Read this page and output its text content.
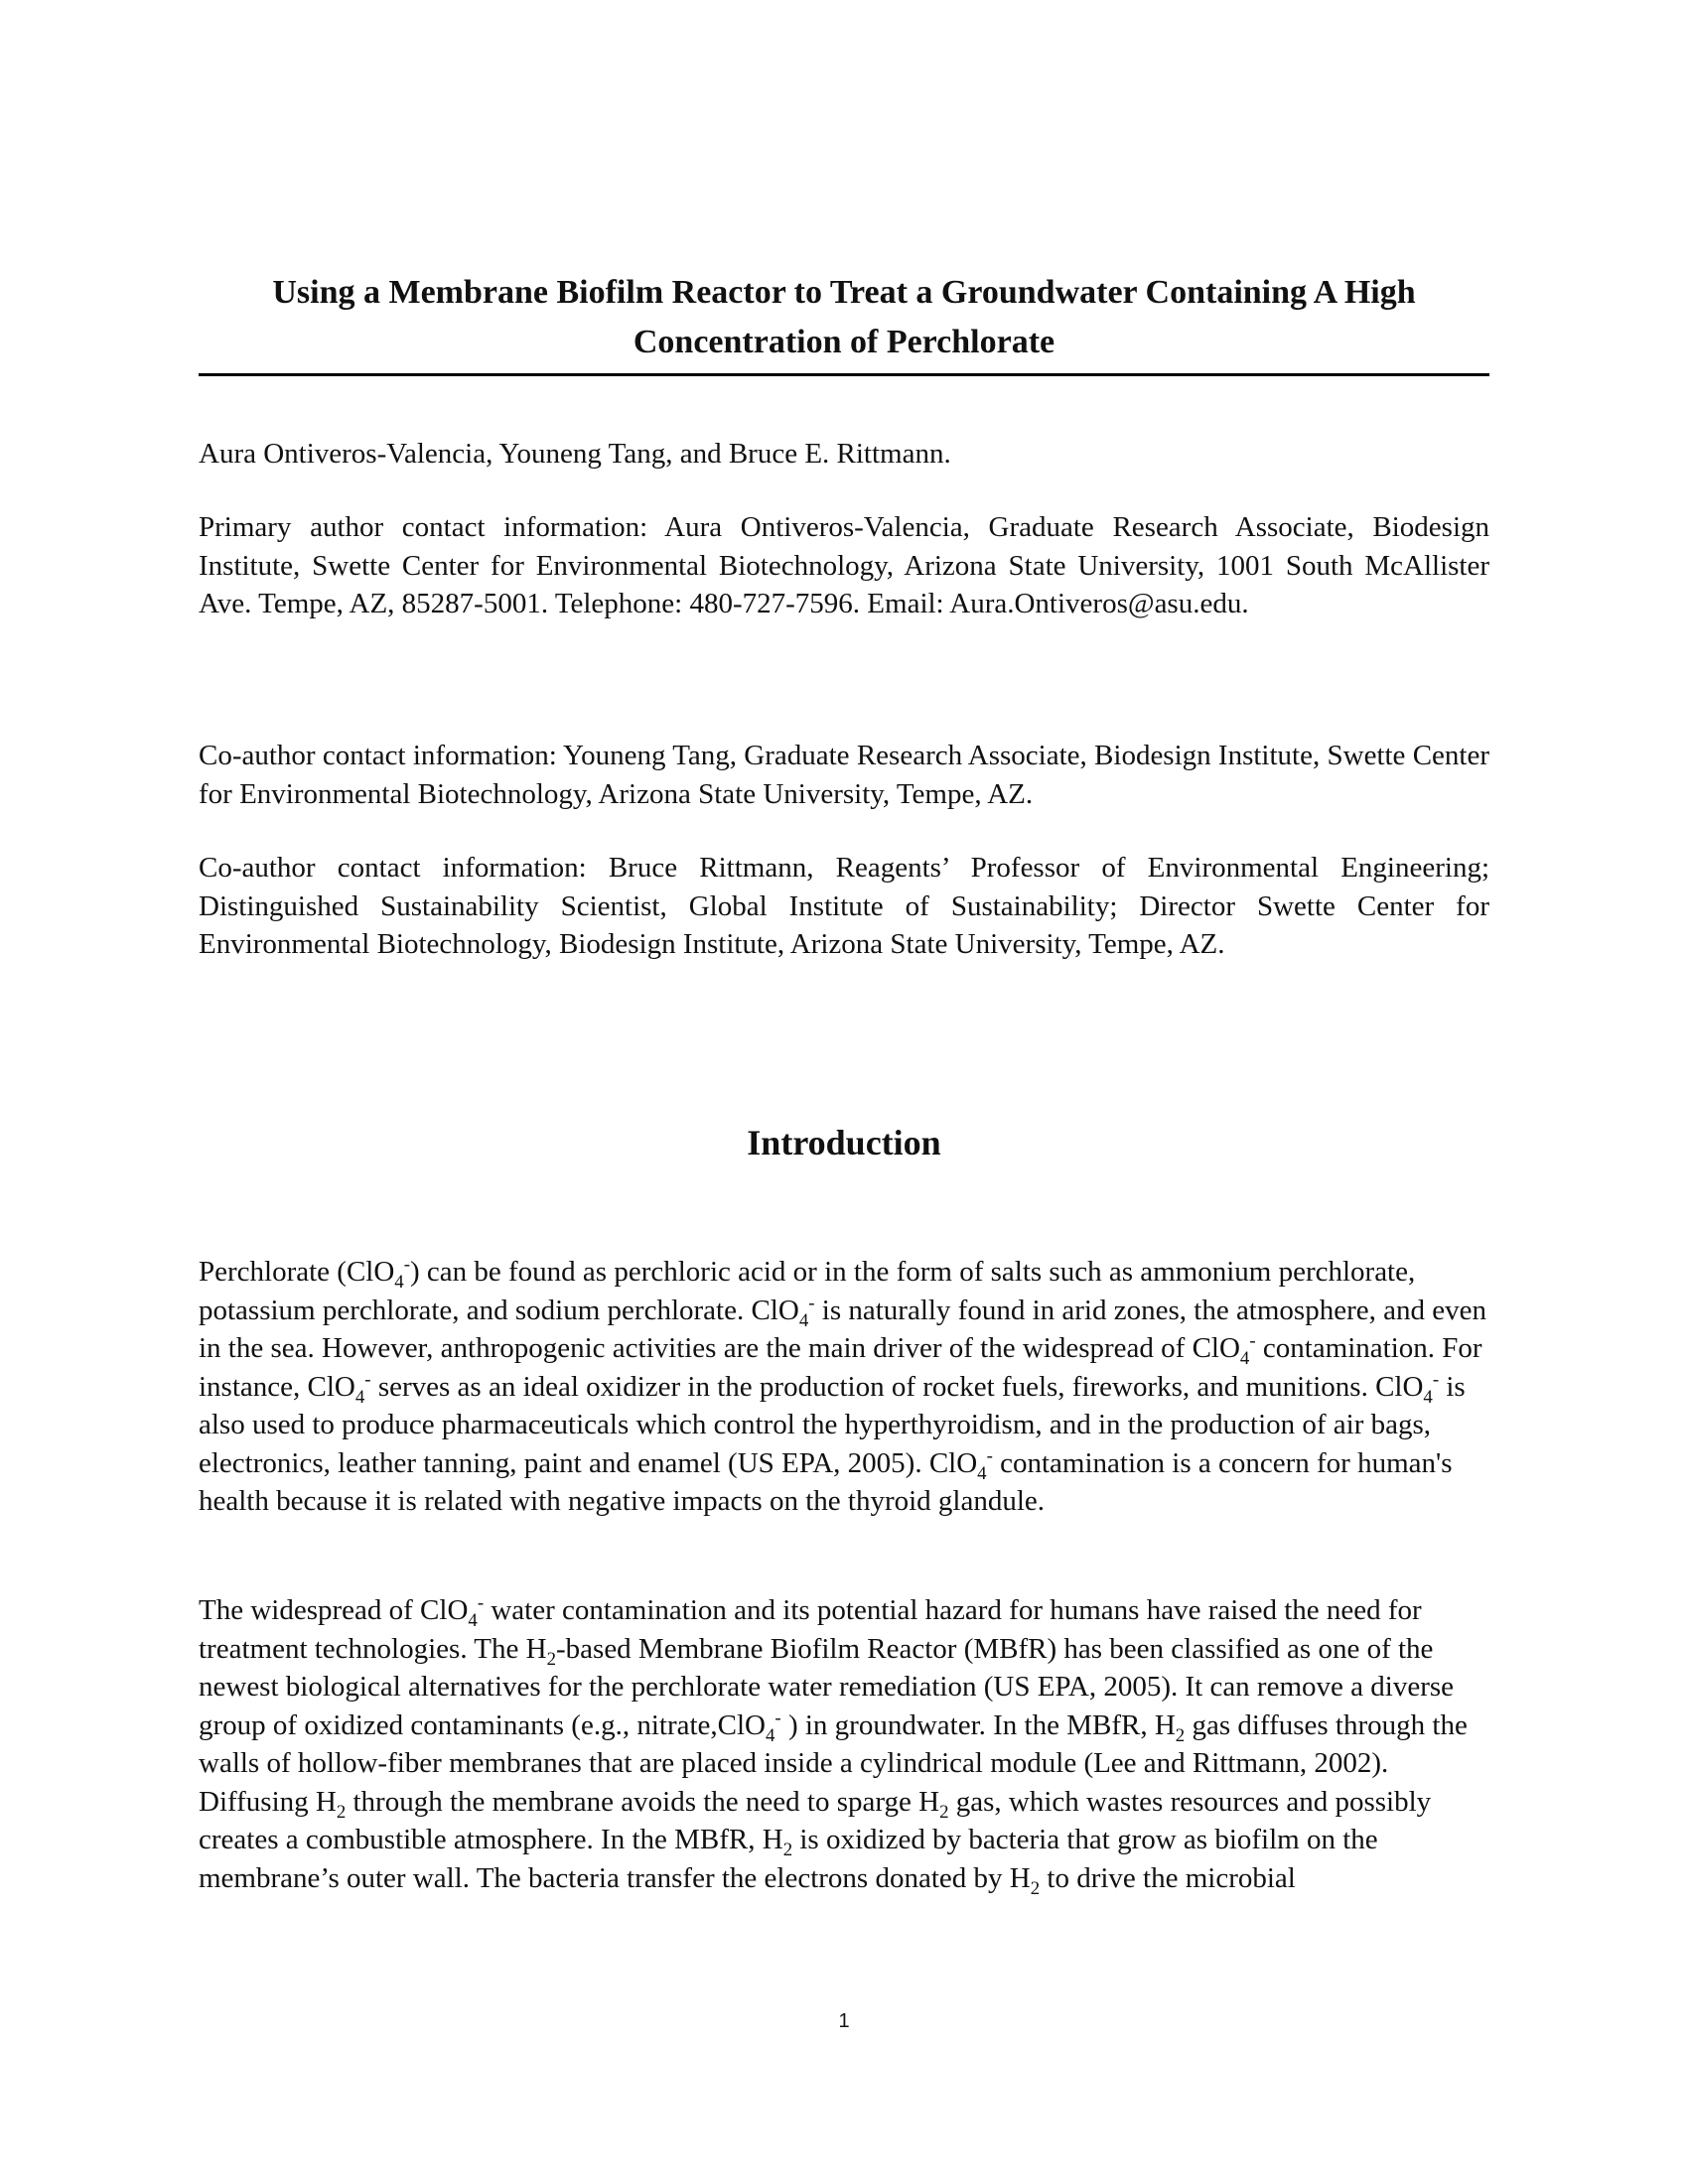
Using a Membrane Biofilm Reactor to Treat a Groundwater Containing A High Concentration of Perchlorate
Aura Ontiveros-Valencia, Youneng Tang, and Bruce E. Rittmann.
Primary author contact information: Aura Ontiveros-Valencia, Graduate Research Associate, Biodesign Institute, Swette Center for Environmental Biotechnology, Arizona State University, 1001 South McAllister Ave. Tempe, AZ, 85287-5001. Telephone: 480-727-7596. Email: Aura.Ontiveros@asu.edu.
Co-author contact information: Youneng Tang, Graduate Research Associate, Biodesign Institute, Swette Center for Environmental Biotechnology, Arizona State University, Tempe, AZ.
Co-author contact information: Bruce Rittmann, Reagents’ Professor of Environmental Engineering; Distinguished Sustainability Scientist, Global Institute of Sustainability; Director Swette Center for Environmental Biotechnology, Biodesign Institute, Arizona State University, Tempe, AZ.
Introduction
Perchlorate (ClO$_4$-) can be found as perchloric acid or in the form of salts such as ammonium perchlorate, potassium perchlorate, and sodium perchlorate. ClO$_4$- is naturally found in arid zones, the atmosphere, and even in the sea. However, anthropogenic activities are the main driver of the widespread of ClO$_4$- contamination. For instance, ClO$_4$- serves as an ideal oxidizer in the production of rocket fuels, fireworks, and munitions. ClO$_4$- is also used to produce pharmaceuticals which control the hyperthyroidism, and in the production of air bags, electronics, leather tanning, paint and enamel (US EPA, 2005). ClO$_4$- contamination is a concern for human's health because it is related with negative impacts on the thyroid glandule.
The widespread of ClO$_4$- water contamination and its potential hazard for humans have raised the need for treatment technologies. The $H_2$-based Membrane Biofilm Reactor (MBfR) has been classified as one of the newest biological alternatives for the perchlorate water remediation (US EPA, 2005). It can remove a diverse group of oxidized contaminants (e.g., nitrate,ClO$_4$- ) in groundwater. In the MBfR, $H_2$ gas diffuses through the walls of hollow-fiber membranes that are placed inside a cylindrical module (Lee and Rittmann, 2002). Diffusing $H_2$ through the membrane avoids the need to sparge $H_2$ gas, which wastes resources and possibly creates a combustible atmosphere. In the MBfR, $H_2$ is oxidized by bacteria that grow as biofilm on the membrane’s outer wall. The bacteria transfer the electrons donated by $H_2$ to drive the microbial
1
